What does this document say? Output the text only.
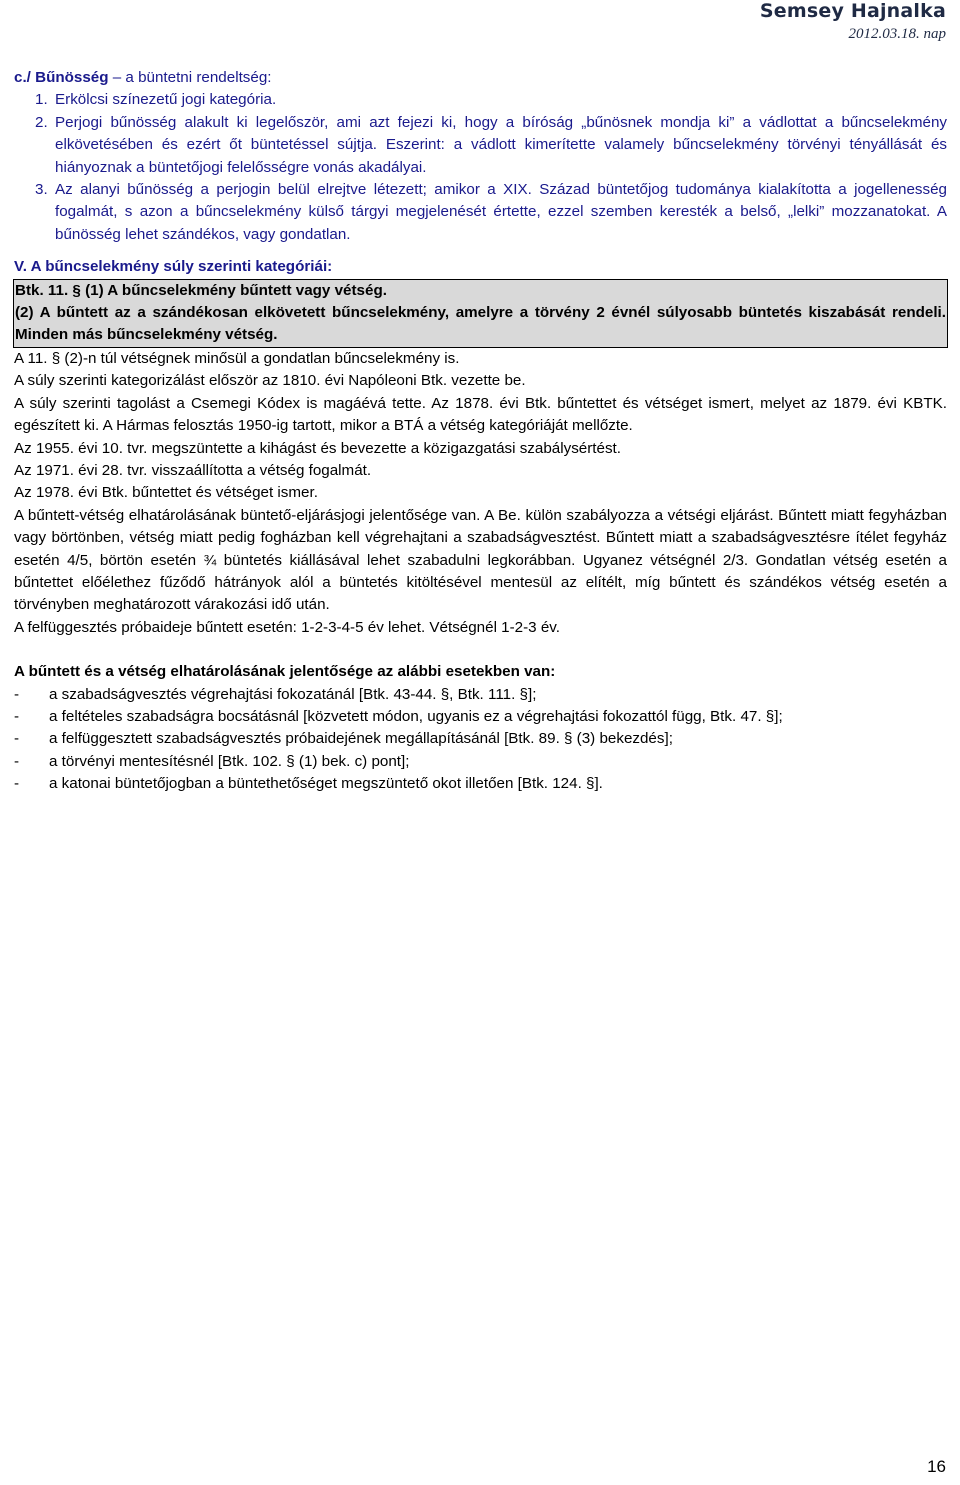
Semsey Hajnalka
2012.03.18. nap

c./ Bűnösség – a büntetni rendeltség:

1. Erkölcsi színezetű jogi kategória.
2. Perjogi bűnösség alakult ki legelőször, ami azt fejezi ki, hogy a bíróság „bűnösnek mondja ki” a vádlottat a bűncselekmény elkövetésében és ezért őt büntetéssel sújtja. Eszerint: a vádlott kimerítette valamely bűncselekmény törvényi tényállását és hiányoznak a büntetőjogi felelősségre vonás akadályai.
3. Az alanyi bűnösség a perjogin belül elrejtve létezett; amikor a XIX. Század büntetőjog tudománya kialakította a jogellenesség fogalmát, s azon a bűncselekmény külső tárgyi megjelenését értette, ezzel szemben keresték a belső, „lelki” mozzanatokat. A bűnösség lehet szándékos, vagy gondatlan.

V. A bűncselekmény súly szerinti kategóriái:

Btk. 11. § (1) A bűncselekmény bűntett vagy vétség.

(2) A bűntett az a szándékosan elkövetett bűncselekmény, amelyre a törvény 2 évnél súlyosabb büntetés kiszabását rendeli. Minden más bűncselekmény vétség.

A 11. § (2)-n túl vétségnek minősül a gondatlan bűncselekmény is.

A súly szerinti kategorizálást először az 1810. évi Napóleoni Btk. vezette be.

A súly szerinti tagolást a Csemegi Kódex is magáévá tette. Az 1878. évi Btk. bűntettet és vétséget ismert, melyet az 1879. évi KBTK. egészített ki. A Hármas felosztás 1950-ig tartott, mikor a BTÁ a vétség kategóriáját mellőzte.

Az 1955. évi 10. tvr. megszüntette a kihágást és bevezette a közigazgatási szabálysértést.

Az 1971. évi 28. tvr. visszaállította a vétség fogalmát.

Az 1978. évi Btk. bűntettet és vétséget ismer.

A bűntett-vétség elhatárolásának büntető-eljárásjogi jelentősége van. A Be. külön szabályozza a vétségi eljárást. Bűntett miatt fegyházban vagy börtönben, vétség miatt pedig fogházban kell végrehajtani a szabadságvesztést. Bűntett miatt a szabadságvesztésre ítélet fegyház esetén 4/5, börtön esetén ¾ büntetés kiállásával lehet szabadulni legkorábban. Ugyanez vétségnél 2/3. Gondatlan vétség esetén a bűntettet előélethez fűződő hátrányok alól a büntetés kitöltésével mentesül az elítélt, míg bűntett és szándékos vétség esetén a törvényben meghatározott várakozási idő után.

A felfüggesztés próbaideje bűntett esetén: 1-2-3-4-5 év lehet. Vétségnél 1-2-3 év.

A bűntett és a vétség elhatárolásának jelentősége az alábbi esetekben van:

-	a szabadságvesztés végrehajtási fokozatánál [Btk. 43-44. §, Btk. 111. §];
-	a feltételes szabadságra bocsátásnál [közvetett módon, ugyanis ez a végrehajtási fokozattól függ, Btk. 47. §];
-	a felfüggesztett szabadságvesztés próbaidejének megállapításánál [Btk. 89. § (3) bekezdés];
-	a törvényi mentesítésnél [Btk. 102. § (1) bek. c) pont];
-	a katonai büntetőjogban a büntethetőséget megszüntető okot illetően [Btk. 124. §].
16
